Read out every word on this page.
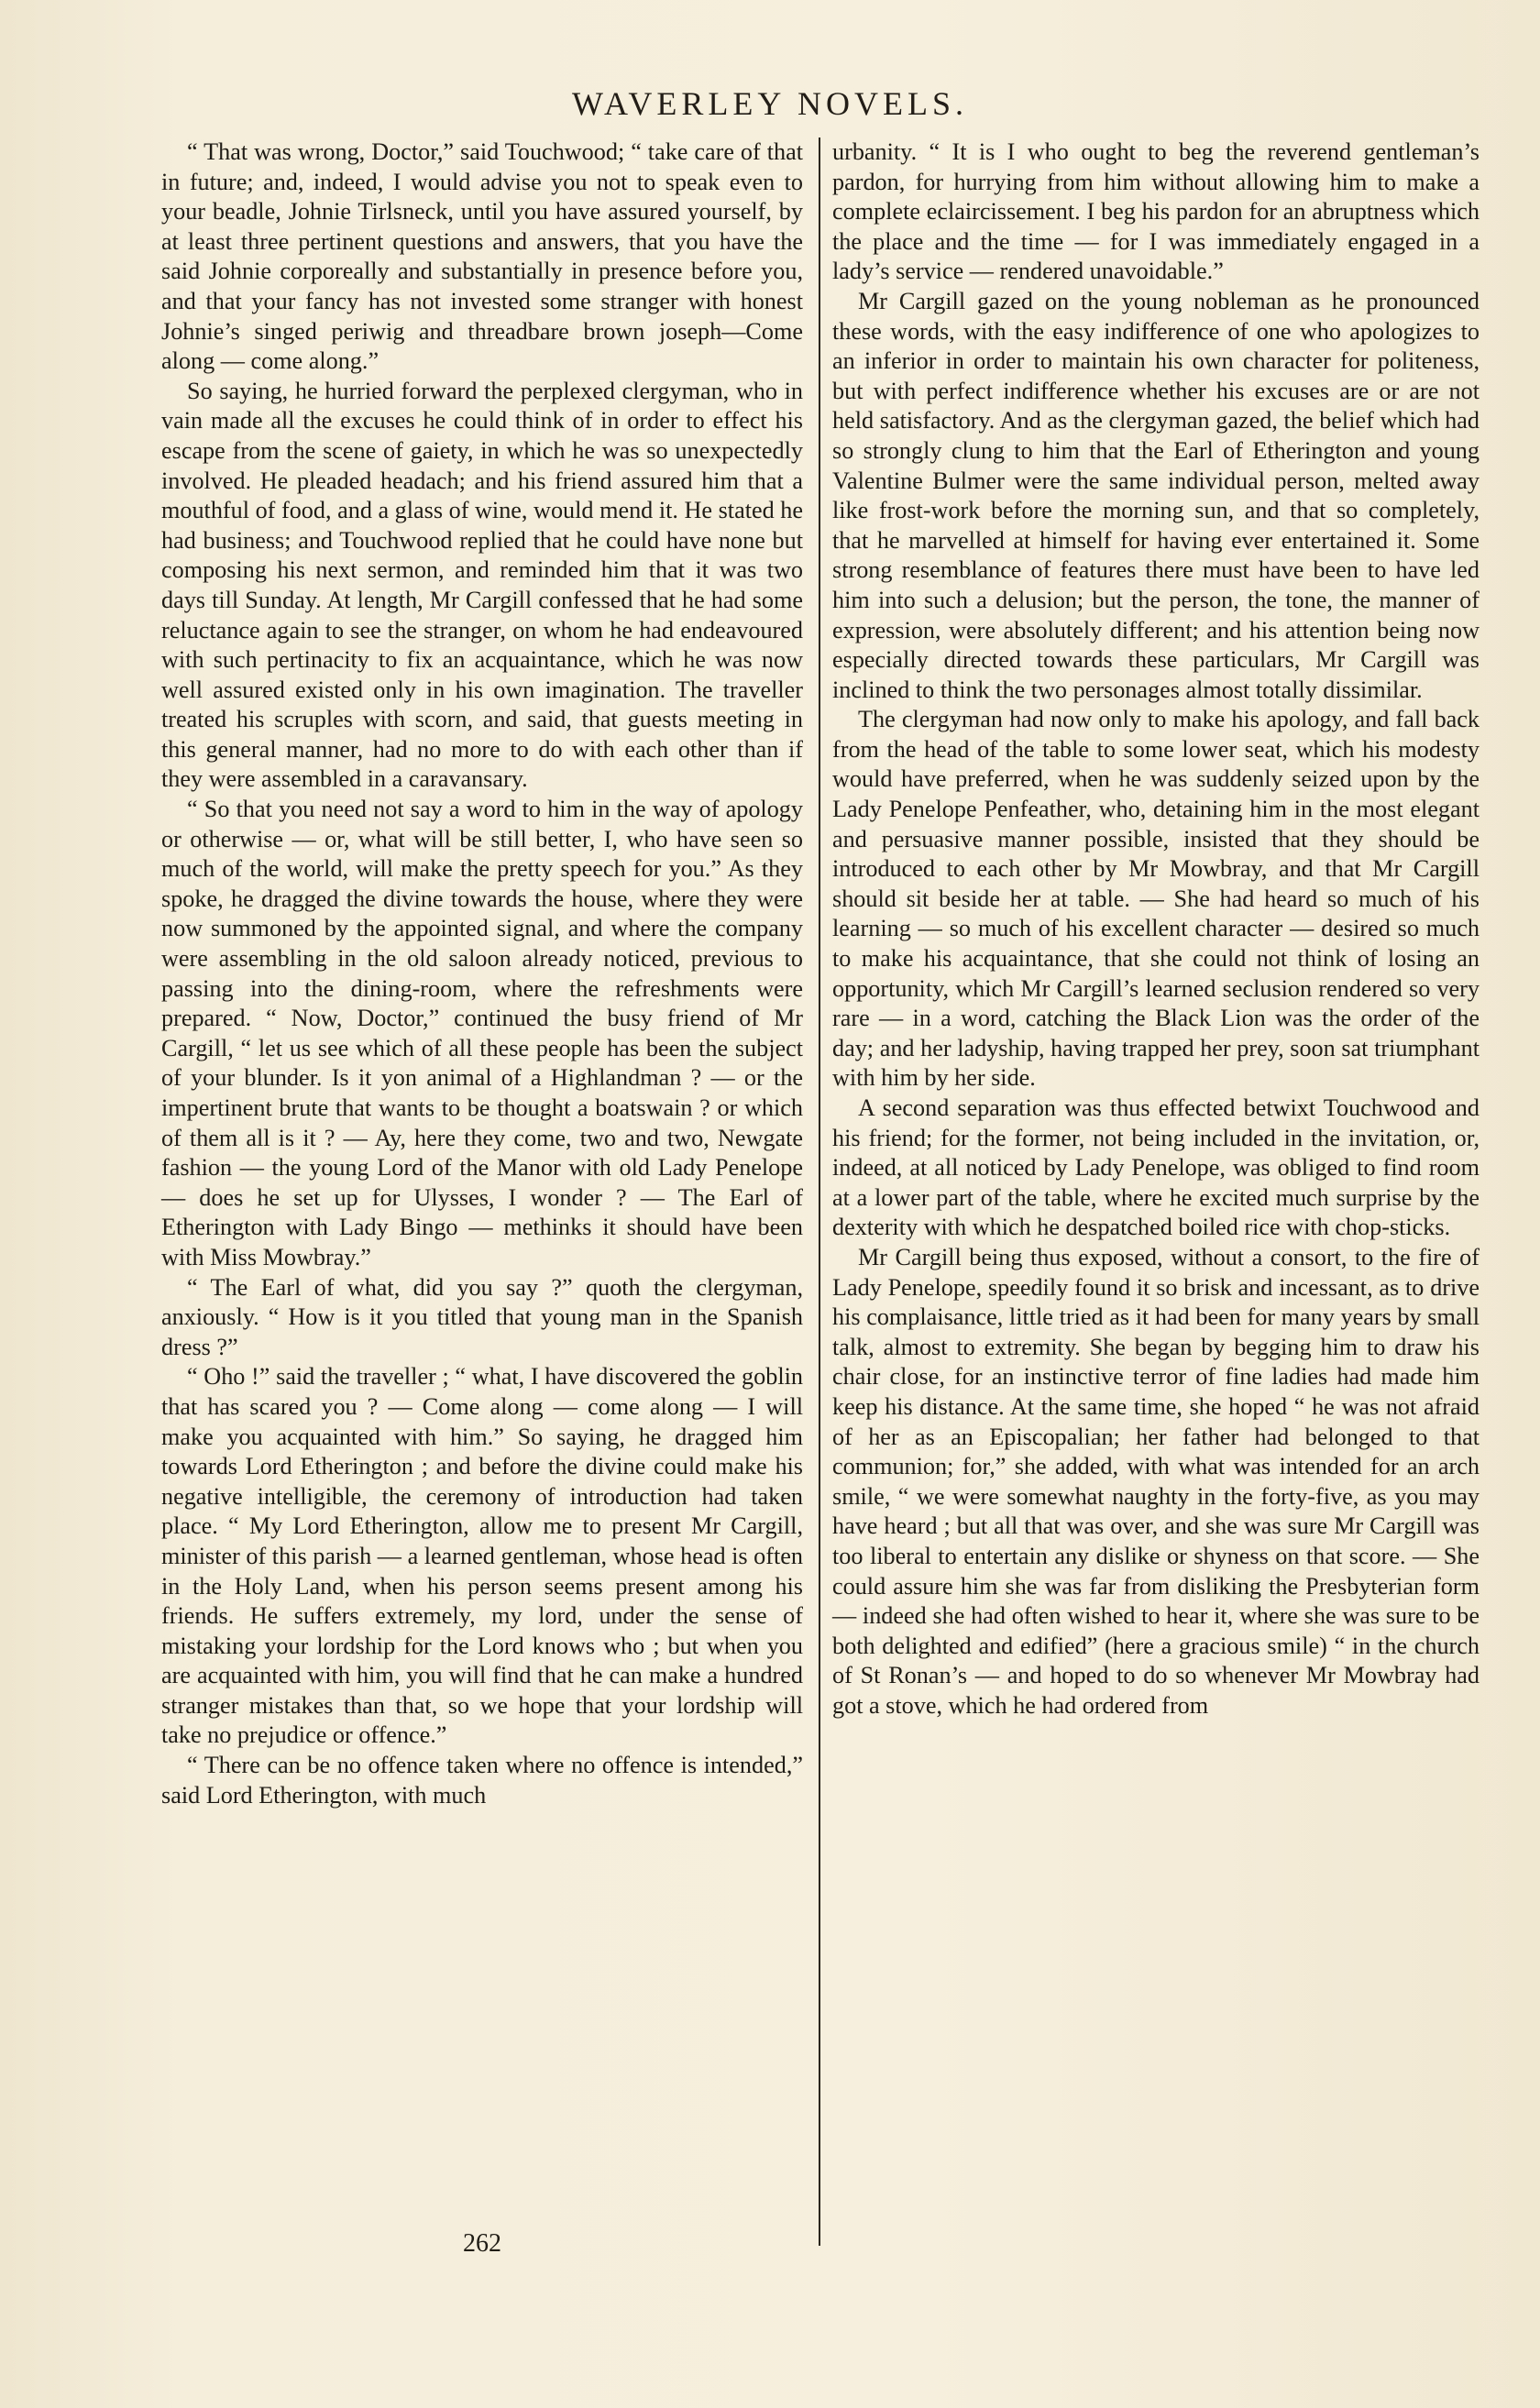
WAVERLEY NOVELS.

“ That was wrong, Doctor,” said Touchwood; “ take care of that in future; and, indeed, I would advise you not to speak even to your beadle, Johnie Tirlsneck, until you have assured yourself, by at least three pertinent questions and answers, that you have the said Johnie corporeally and substantially in presence before you, and that your fancy has not invested some stranger with honest Johnie’s singed periwig and threadbare brown joseph—Come along — come along.”

So saying, he hurried forward the perplexed clergyman, who in vain made all the excuses he could think of in order to effect his escape from the scene of gaiety, in which he was so unexpectedly involved. He pleaded headach; and his friend assured him that a mouthful of food, and a glass of wine, would mend it. He stated he had business; and Touchwood replied that he could have none but composing his next sermon, and reminded him that it was two days till Sunday. At length, Mr Cargill confessed that he had some reluctance again to see the stranger, on whom he had endeavoured with such pertinacity to fix an acquaintance, which he was now well assured existed only in his own imagination. The traveller treated his scruples with scorn, and said, that guests meeting in this general manner, had no more to do with each other than if they were assembled in a caravansary.

“ So that you need not say a word to him in the way of apology or otherwise — or, what will be still better, I, who have seen so much of the world, will make the pretty speech for you.” As they spoke, he dragged the divine towards the house, where they were now summoned by the appointed signal, and where the company were assembling in the old saloon already noticed, previous to passing into the dining-room, where the refreshments were prepared. “ Now, Doctor,” continued the busy friend of Mr Cargill, “ let us see which of all these people has been the subject of your blunder. Is it yon animal of a Highlandman ? — or the impertinent brute that wants to be thought a boatswain ? or which of them all is it ? — Ay, here they come, two and two, Newgate fashion — the young Lord of the Manor with old Lady Penelope — does he set up for Ulysses, I wonder ? — The Earl of Etherington with Lady Bingo — methinks it should have been with Miss Mowbray.”

“ The Earl of what, did you say ?” quoth the clergyman, anxiously. “ How is it you titled that young man in the Spanish dress ?”

“ Oho !” said the traveller ; “ what, I have discovered the goblin that has scared you ? — Come along — come along — I will make you acquainted with him.” So saying, he dragged him towards Lord Etherington ; and before the divine could make his negative intelligible, the ceremony of introduction had taken place. “ My Lord Etherington, allow me to present Mr Cargill, minister of this parish — a learned gentleman, whose head is often in the Holy Land, when his person seems present among his friends. He suffers extremely, my lord, under the sense of mistaking your lordship for the Lord knows who ; but when you are acquainted with him, you will find that he can make a hundred stranger mistakes than that, so we hope that your lordship will take no prejudice or offence.”

“ There can be no offence taken where no offence is intended,” said Lord Etherington, with much

urbanity. “ It is I who ought to beg the reverend gentleman’s pardon, for hurrying from him without allowing him to make a complete eclaircissement. I beg his pardon for an abruptness which the place and the time — for I was immediately engaged in a lady’s service — rendered unavoidable.”

Mr Cargill gazed on the young nobleman as he pronounced these words, with the easy indifference of one who apologizes to an inferior in order to maintain his own character for politeness, but with perfect indifference whether his excuses are or are not held satisfactory. And as the clergyman gazed, the belief which had so strongly clung to him that the Earl of Etherington and young Valentine Bulmer were the same individual person, melted away like frost-work before the morning sun, and that so completely, that he marvelled at himself for having ever entertained it. Some strong resemblance of features there must have been to have led him into such a delusion; but the person, the tone, the manner of expression, were absolutely different; and his attention being now especially directed towards these particulars, Mr Cargill was inclined to think the two personages almost totally dissimilar.

The clergyman had now only to make his apology, and fall back from the head of the table to some lower seat, which his modesty would have preferred, when he was suddenly seized upon by the Lady Penelope Penfeather, who, detaining him in the most elegant and persuasive manner possible, insisted that they should be introduced to each other by Mr Mowbray, and that Mr Cargill should sit beside her at table. — She had heard so much of his learning — so much of his excellent character — desired so much to make his acquaintance, that she could not think of losing an opportunity, which Mr Cargill’s learned seclusion rendered so very rare — in a word, catching the Black Lion was the order of the day; and her ladyship, having trapped her prey, soon sat triumphant with him by her side.

A second separation was thus effected betwixt Touchwood and his friend; for the former, not being included in the invitation, or, indeed, at all noticed by Lady Penelope, was obliged to find room at a lower part of the table, where he excited much surprise by the dexterity with which he despatched boiled rice with chop-sticks.

Mr Cargill being thus exposed, without a consort, to the fire of Lady Penelope, speedily found it so brisk and incessant, as to drive his complaisance, little tried as it had been for many years by small talk, almost to extremity. She began by begging him to draw his chair close, for an instinctive terror of fine ladies had made him keep his distance. At the same time, she hoped “ he was not afraid of her as an Episcopalian; her father had belonged to that communion; for,” she added, with what was intended for an arch smile, “ we were somewhat naughty in the forty-five, as you may have heard ; but all that was over, and she was sure Mr Cargill was too liberal to entertain any dislike or shyness on that score. — She could assure him she was far from disliking the Presbyterian form — indeed she had often wished to hear it, where she was sure to be both delighted and edified” (here a gracious smile) “ in the church of St Ronan’s — and hoped to do so whenever Mr Mowbray had got a stove, which he had ordered from

262
